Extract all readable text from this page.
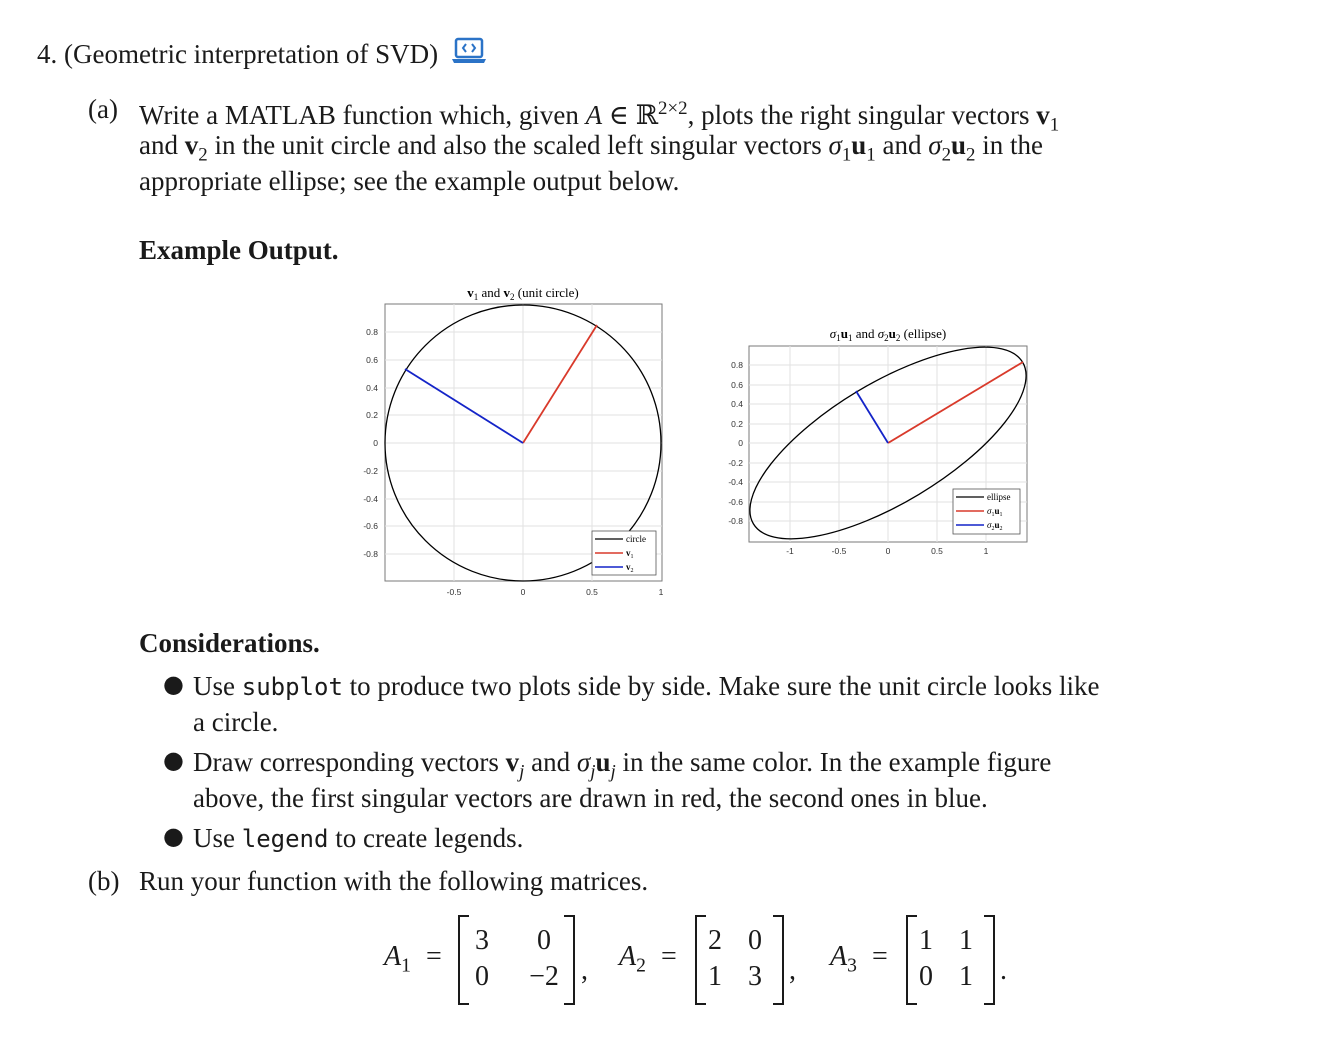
4. (Geometric interpretation of SVD)
(a) Write a MATLAB function which, given A ∈ ℝ$^{2\times 2}$, plots the right singular vectors $v_1$
and $v_2$ in the unit circle and also the scaled left singular vectors $\sigma_1u_1$ and $\sigma_2u_2$ in the
appropriate ellipse; see the example output below.
Example Output.
$v_1$ and $v_2$ (unit circle)
0.8
0.6
0.4
0.2
0
-0.2
-0.4
-0.6
-0.8
-0.5	0	0.5	1
circle
$v_1$
$v_2$
$\sigma_1u_1$ and $\sigma_2u_2$ (ellipse)
0.8
0.6
0.4
0.2
0
-0.2
-0.4
-0.6
-0.8
-1	-0.5	0	0.5	1
ellipse
$\sigma_1u_1$
$\sigma_2u_2$
Considerations.
● Use subplot to produce two plots side by side. Make sure the unit circle looks like
a circle.
● Draw corresponding vectors $v_j$ and $\sigma_ju_j$ in the same color. In the example figure
above, the first singular vectors are drawn in red, the second ones in blue.
● Use legend to create legends.
(b) Run your function with the following matrices.
$A_1$ =
3	0
0	−2 , $A_2$ =
2 0
1 3 , $A_3$ =
1 1
0 1 .
